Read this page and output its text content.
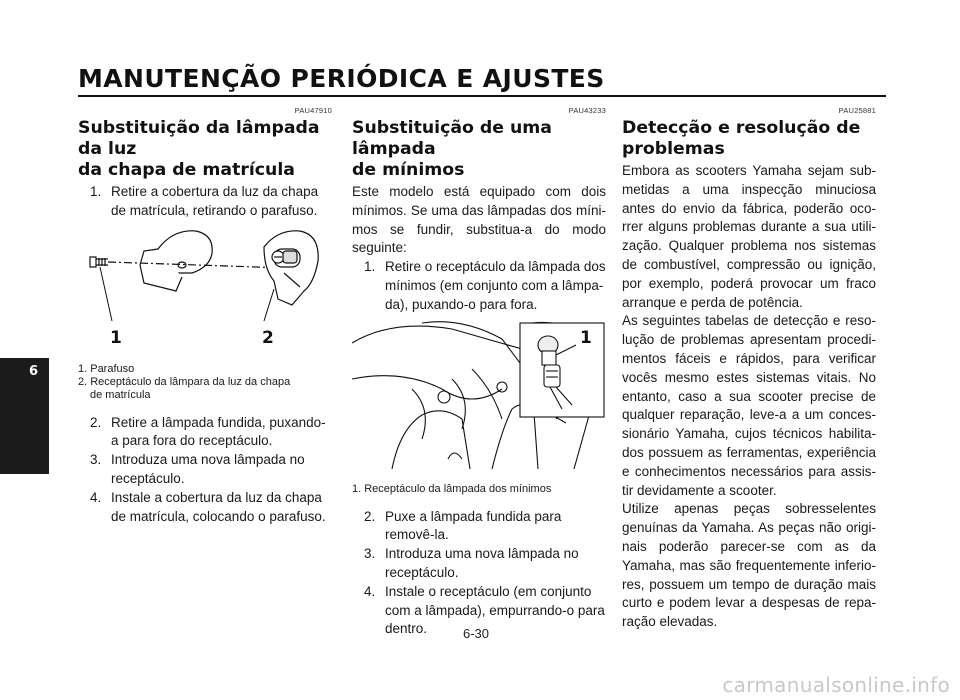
MANUTENÇÃO PERIÓDICA E AJUSTES
6
PAU47910
Substituição da lâmpada da luz
da chapa de matrícula
1. Retire a cobertura da luz da chapa de matrícula, retirando o parafuso.
1	2
1. Parafuso
2. Receptáculo da lâmpara da luz da chapa
de matrícula
2. Retire a lâmpada fundida, puxando-a para fora do receptáculo.
3. Introduza uma nova lâmpada no receptáculo.
4. Instale a cobertura da luz da chapa de matrícula, colocando o parafuso.
PAU43233
Substituição de uma lâmpada
de mínimos

Este modelo está equipado com dois mínimos. Se uma das lâmpadas dos míni-mos se fundir, substitua-a do modo seguinte:

1. Retire o receptáculo da lâmpada dos mínimos (em conjunto com a lâmpa-da), puxando-o para fora.
1
1. Receptáculo da lâmpada dos mínimos
2. Puxe a lâmpada fundida para removê-la.
3. Introduza uma nova lâmpada no receptáculo.
4. Instale o receptáculo (em conjunto com a lâmpada), empurrando-o para dentro.
PAU25881
Detecção e resolução de
problemas

Embora as scooters Yamaha sejam sub-metidas a uma inspecção minuciosa antes do envio da fábrica, poderão oco-rrer alguns problemas durante a sua utili-zação. Qualquer problema nos sistemas de combustível, compressão ou ignição, por exemplo, poderá provocar um fraco arranque e perda de potência.

As seguintes tabelas de detecção e reso-lução de problemas apresentam procedi-mentos fáceis e rápidos, para verificar vocês mesmo estes sistemas vitais. No entanto, caso a sua scooter precise de qualquer reparação, leve-a a um conces-sionário Yamaha, cujos técnicos habilita-dos possuem as ferramentas, experiência e conhecimentos necessários para assis-tir devidamente a scooter.

Utilize apenas peças sobresselentes genuínas da Yamaha. As peças não origi-nais poderão parecer-se com as da Yamaha, mas são frequentemente inferio-res, possuem um tempo de duração mais curto e podem levar a despesas de repa-ração elevadas.

6-30
carmanualsonline.info
